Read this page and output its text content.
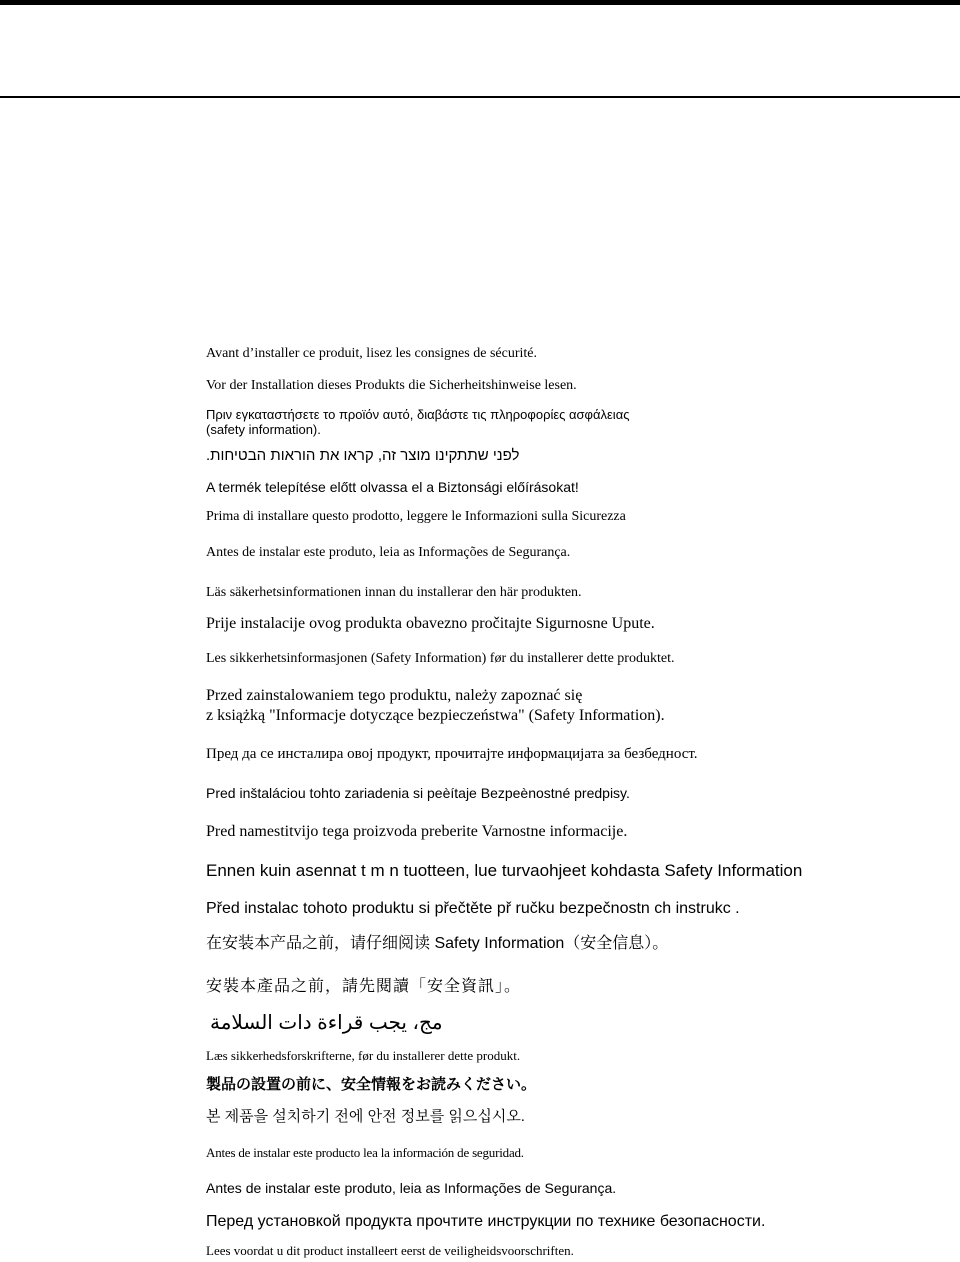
Avant d’installer ce produit, lisez les consignes de sécurité.
Vor der Installation dieses Produkts die Sicherheitshinweise lesen.
Πριν εγκαταστήσετε το προϊόν αυτό, διαβάστε τις πληροφορίες ασφάλειας
(safety information).
לפני שתתקינו מוצר זה, קראו את הוראות הבטיחות.
A termék telepítése előtt olvassa el a Biztonsági előírásokat!
Prima di installare questo prodotto, leggere le Informazioni sulla Sicurezza
Antes de instalar este produto, leia as Informações de Segurança.
Läs säkerhetsinformationen innan du installerar den här produkten.
Prije instalacije ovog produkta obavezno pročitajte Sigurnosne Upute.
Les sikkerhetsinformasjonen (Safety Information) før du installerer dette produktet.
Przed zainstalowaniem tego produktu, należy zapoznać się
z książką "Informacje dotyczące bezpieczeństwa" (Safety Information).
Пред да се инсталира овој продукт, прочитајте информацијата за безбедност.
Pred inštaláciou tohto zariadenia si peèítaje Bezpeènostné predpisy.
Pred namestitvijo tega proizvoda preberite Varnostne informacije.
Ennen kuin asennat t m n tuotteen, lue turvaohjeet kohdasta Safety Information
Před instalac tohoto produktu si přečtěte př ručku bezpečnostn ch instrukc .
在安装本产品之前，请仔细阅读 Safety Information（安全信息）。
安裝本產品之前，請先閱讀「安全資訊」。
مج، يجب قراءة دات السلامة
Læs sikkerhedsforskrifterne, før du installerer dette produkt.
製品の設置の前に、安全情報をお読みください。
본 제품을 설치하기 전에 안전 정보를 읽으십시오.
Antes de instalar este producto lea la información de seguridad.
Antes de instalar este produto, leia as Informações de Segurança.
Перед установкой продукта прочтите инструкции по технике безопасности.
Lees voordat u dit product installeert eerst de veiligheidsvoorschriften.
